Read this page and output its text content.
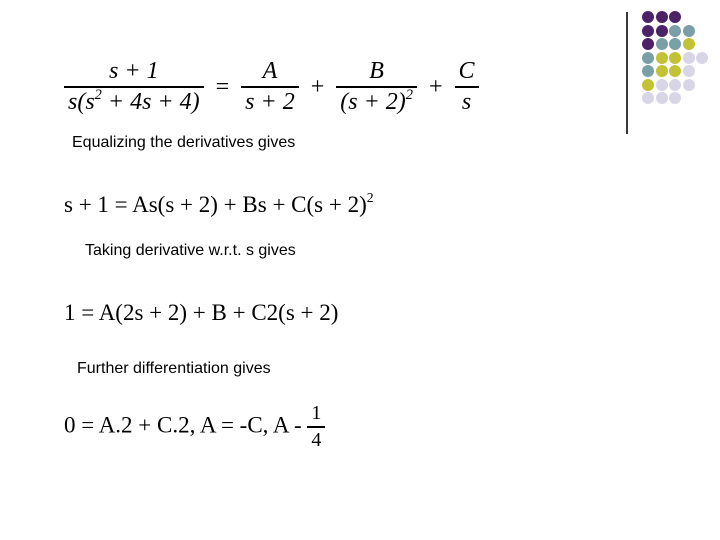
$\frac{s + 1}{s(s^2 + 4s + 4)} = \frac{A}{s + 2} + \frac{B}{(s + 2)^2} + \frac{C}{s}$
Equalizing the derivatives gives
$s + 1 = As(s + 2) + Bs + C(s + 2)^2$
Taking derivative w.r.t. s gives
1 = A(2s + 2) + B + C2(s + 2)
Further differentiation gives
0 = A.2 + C.2, A = -C, A - $\frac{1}{4}$
